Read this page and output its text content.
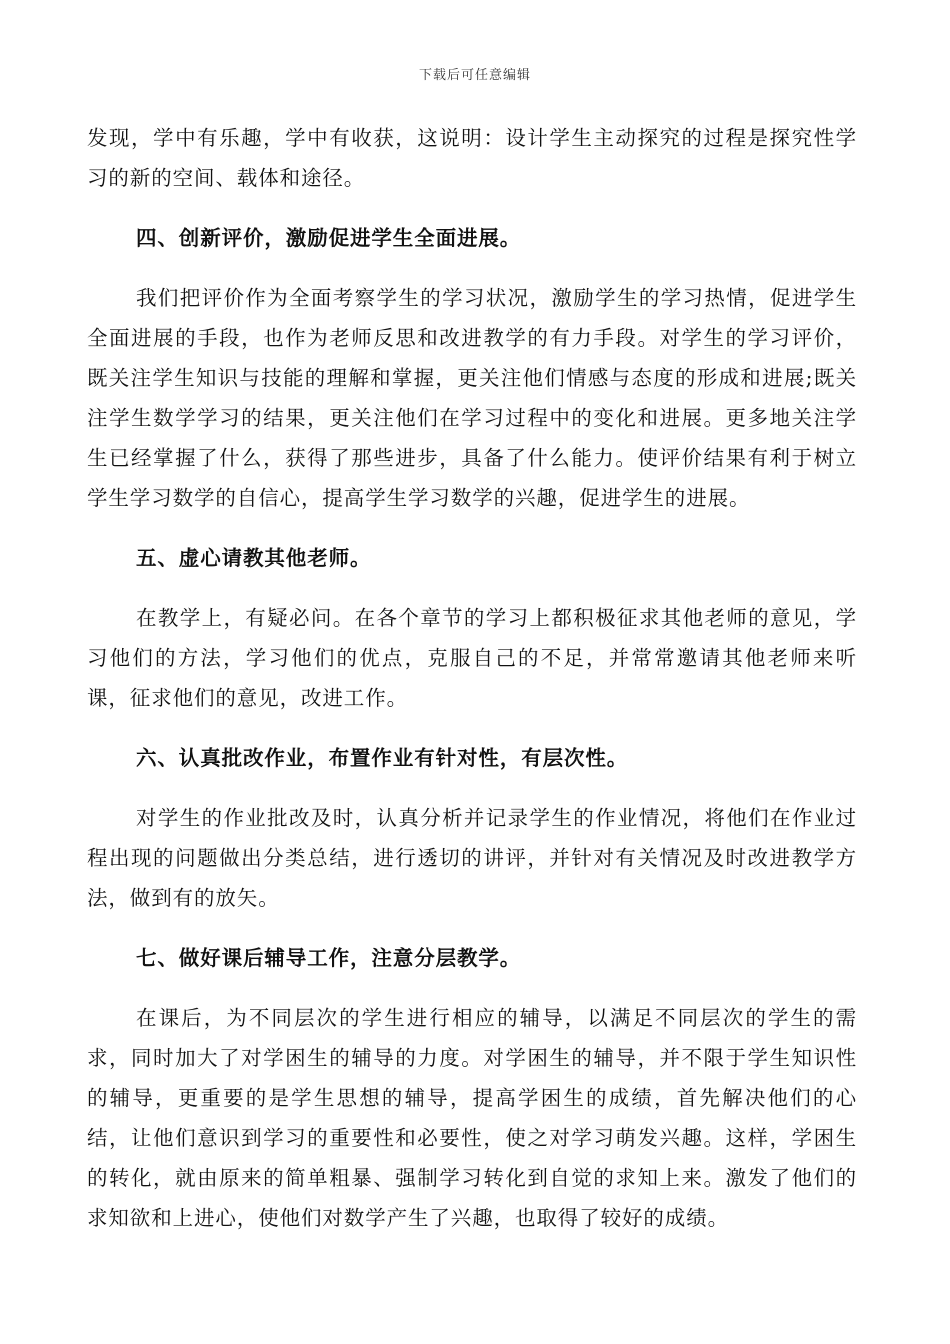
下载后可任意编辑

发现，学中有乐趣，学中有收获，这说明：设计学生主动探究的过程是探究性学习的新的空间、载体和途径。

四、创新评价，激励促进学生全面进展。

我们把评价作为全面考察学生的学习状况，激励学生的学习热情，促进学生全面进展的手段，也作为老师反思和改进教学的有力手段。对学生的学习评价，既关注学生知识与技能的理解和掌握，更关注他们情感与态度的形成和进展;既关注学生数学学习的结果，更关注他们在学习过程中的变化和进展。更多地关注学生已经掌握了什么，获得了那些进步，具备了什么能力。使评价结果有利于树立学生学习数学的自信心，提高学生学习数学的兴趣，促进学生的进展。

五、虚心请教其他老师。

在教学上，有疑必问。在各个章节的学习上都积极征求其他老师的意见，学习他们的方法，学习他们的优点，克服自己的不足，并常常邀请其他老师来听课，征求他们的意见，改进工作。

六、认真批改作业，布置作业有针对性，有层次性。

对学生的作业批改及时，认真分析并记录学生的作业情况，将他们在作业过程出现的问题做出分类总结，进行透切的讲评，并针对有关情况及时改进教学方法，做到有的放矢。

七、做好课后辅导工作，注意分层教学。

在课后，为不同层次的学生进行相应的辅导，以满足不同层次的学生的需求，同时加大了对学困生的辅导的力度。对学困生的辅导，并不限于学生知识性的辅导，更重要的是学生思想的辅导，提高学困生的成绩，首先解决他们的心结，让他们意识到学习的重要性和必要性，使之对学习萌发兴趣。这样，学困生的转化，就由原来的简单粗暴、强制学习转化到自觉的求知上来。激发了他们的求知欲和上进心，使他们对数学产生了兴趣，也取得了较好的成绩。
